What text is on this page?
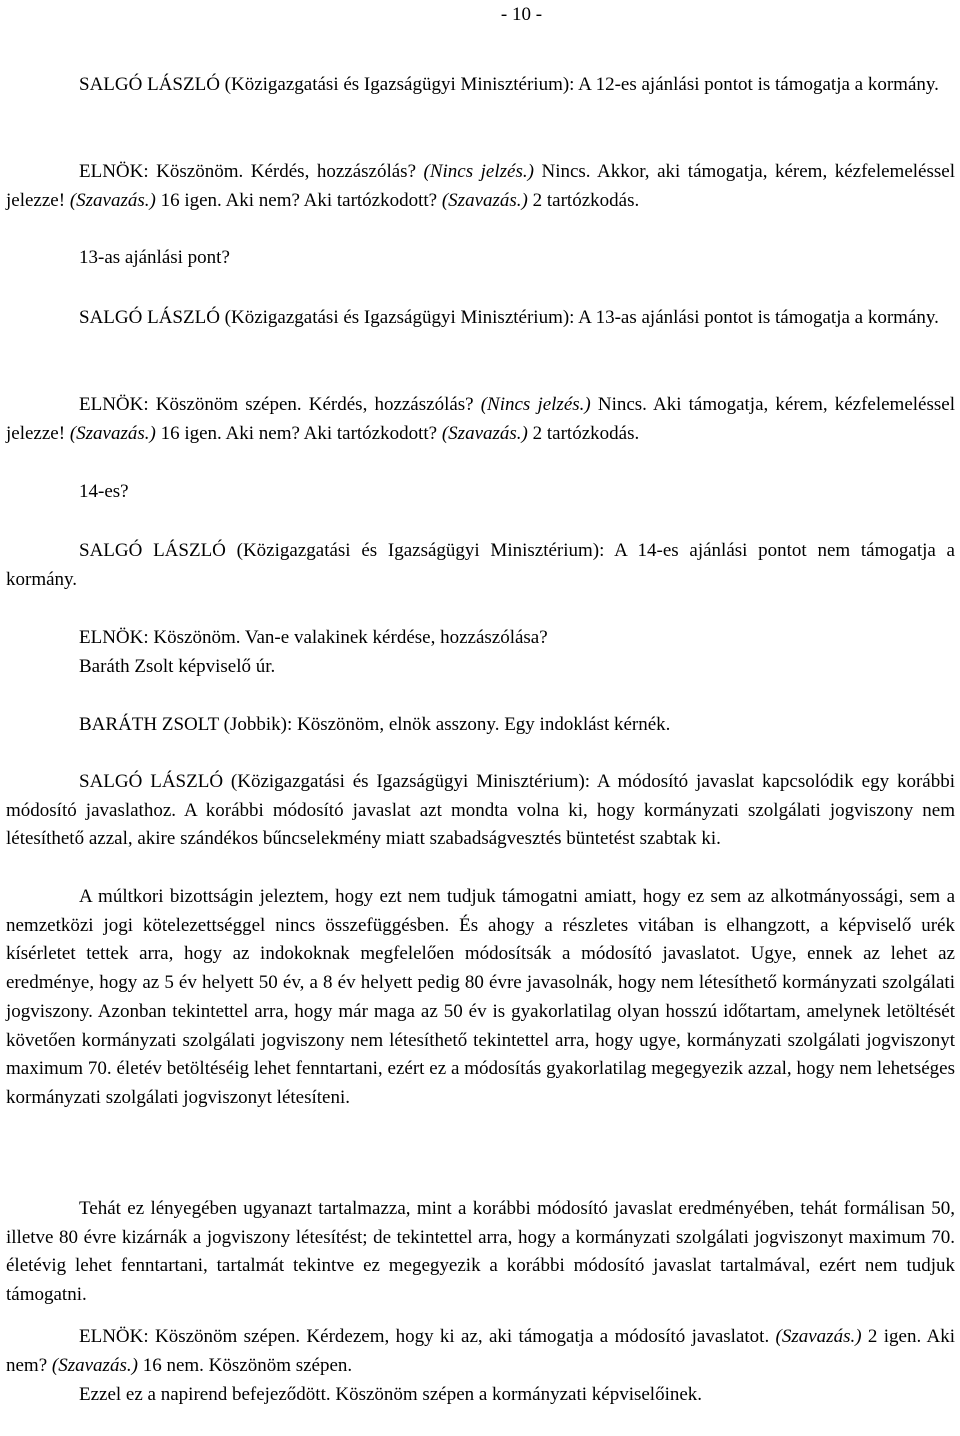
- 10 -
SALGÓ LÁSZLÓ (Közigazgatási és Igazságügyi Minisztérium): A 12-es ajánlási pontot is támogatja a kormány.
ELNÖK: Köszönöm. Kérdés, hozzászólás? (Nincs jelzés.) Nincs. Akkor, aki támogatja, kérem, kézfelemeléssel jelezze! (Szavazás.) 16 igen. Aki nem? Aki tartózkodott? (Szavazás.) 2 tartózkodás.
13-as ajánlási pont?
SALGÓ LÁSZLÓ (Közigazgatási és Igazságügyi Minisztérium): A 13-as ajánlási pontot is támogatja a kormány.
ELNÖK: Köszönöm szépen. Kérdés, hozzászólás? (Nincs jelzés.) Nincs. Aki támogatja, kérem, kézfelemeléssel jelezze! (Szavazás.) 16 igen. Aki nem? Aki tartózkodott? (Szavazás.) 2 tartózkodás.
14-es?
SALGÓ LÁSZLÓ (Közigazgatási és Igazságügyi Minisztérium): A 14-es ajánlási pontot nem támogatja a kormány.
ELNÖK: Köszönöm. Van-e valakinek kérdése, hozzászólása?
Baráth Zsolt képviselő úr.
BARÁTH ZSOLT (Jobbik): Köszönöm, elnök asszony. Egy indoklást kérnék.
SALGÓ LÁSZLÓ (Közigazgatási és Igazságügyi Minisztérium): A módosító javaslat kapcsolódik egy korábbi módosító javaslathoz. A korábbi módosító javaslat azt mondta volna ki, hogy kormányzati szolgálati jogviszony nem létesíthető azzal, akire szándékos bűncselekmény miatt szabadságvesztés büntetést szabtak ki.
A múltkori bizottságin jeleztem, hogy ezt nem tudjuk támogatni amiatt, hogy ez sem az alkotmányossági, sem a nemzetközi jogi kötelezettséggel nincs összefüggésben. És ahogy a részletes vitában is elhangzott, a képviselő urék kísérletet tettek arra, hogy az indokoknak megfelelően módosítsák a módosító javaslatot. Ugye, ennek az lehet az eredménye, hogy az 5 év helyett 50 év, a 8 év helyett pedig 80 évre javasolnák, hogy nem létesíthető kormányzati szolgálati jogviszony. Azonban tekintettel arra, hogy már maga az 50 év is gyakorlatilag olyan hosszú időtartam, amelynek letöltését követően kormányzati szolgálati jogviszony nem létesíthető tekintettel arra, hogy ugye, kormányzati szolgálati jogviszonyt maximum 70. életév betöltéséig lehet fenntartani, ezért ez a módosítás gyakorlatilag megegyezik azzal, hogy nem lehetséges kormányzati szolgálati jogviszonyt létesíteni.
Tehát ez lényegében ugyanazt tartalmazza, mint a korábbi módosító javaslat eredményében, tehát formálisan 50, illetve 80 évre kizárnák a jogviszony létesítést; de tekintettel arra, hogy a kormányzati szolgálati jogviszonyt maximum 70. életévig lehet fenntartani, tartalmát tekintve ez megegyezik a korábbi módosító javaslat tartalmával, ezért nem tudjuk támogatni.
ELNÖK: Köszönöm szépen. Kérdezem, hogy ki az, aki támogatja a módosító javaslatot. (Szavazás.) 2 igen. Aki nem? (Szavazás.) 16 nem. Köszönöm szépen.
Ezzel ez a napirend befejeződött. Köszönöm szépen a kormányzati képviselőinek.
